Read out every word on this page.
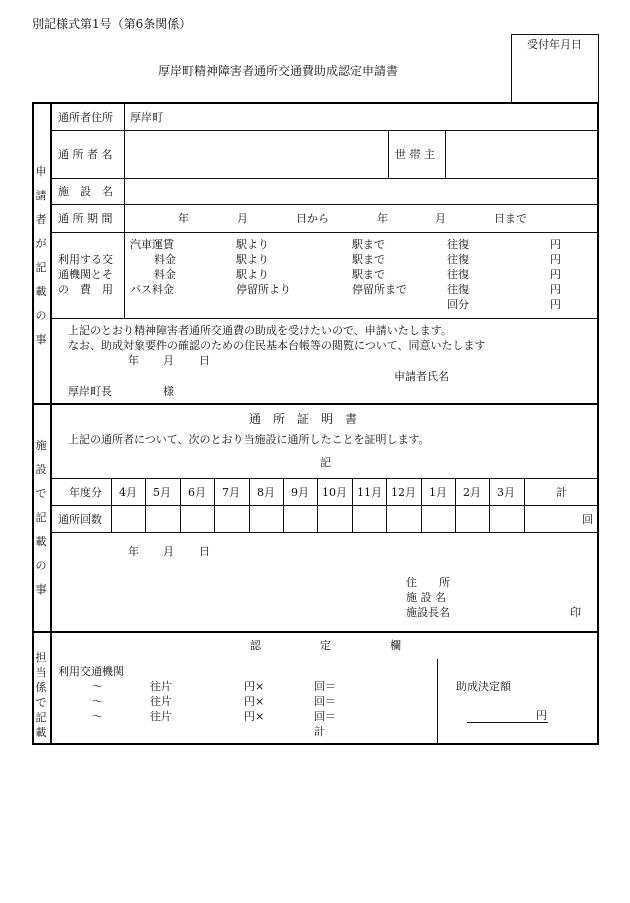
別記様式第1号（第6条関係）
受付年月日
厚岸町精神障害者通所交通費助成認定申請書
申
請
者
が
記
載
の
事
通所者住所 厚岸町
通 所 者 名	世 帯 主
施　設　名
通 所 期 間	年	月	日から	年	月	日まで
利用する交
通機関とそ
の　費　用
汽車運賃	駅より	駅まで	往復	円
料金	駅より	駅まで	往復	円
料金	駅より	駅まで	往復	円
バス料金	停留所より	停留所まで	往復	円
回分	円
上記のとおり精神障害者通所交通費の助成を受けたいので、申請いたします。
なお、助成対象要件の確認のための住民基本台帳等の閲覧について、同意いたします
年 月 日
申請者氏名
厚岸町長	様
施
設
で
記
載
の
事
通　所　証　明　書
上記の通所者について、次のとおり当施設に通所したことを証明します。
記
年度分 4月 5月 6月 7月 8月 9月 10月 11月 12月 1月 2月 3月	計
通所回数	回
年 月 日
住　　所
施 設 名
施設長名	印
担
当
係
で
記
載
認	定	欄
利用交通機関
〜	往片	円×	回＝
〜	往片	円×	回＝
〜	往片	円×	回＝
計
助成決定額
円
